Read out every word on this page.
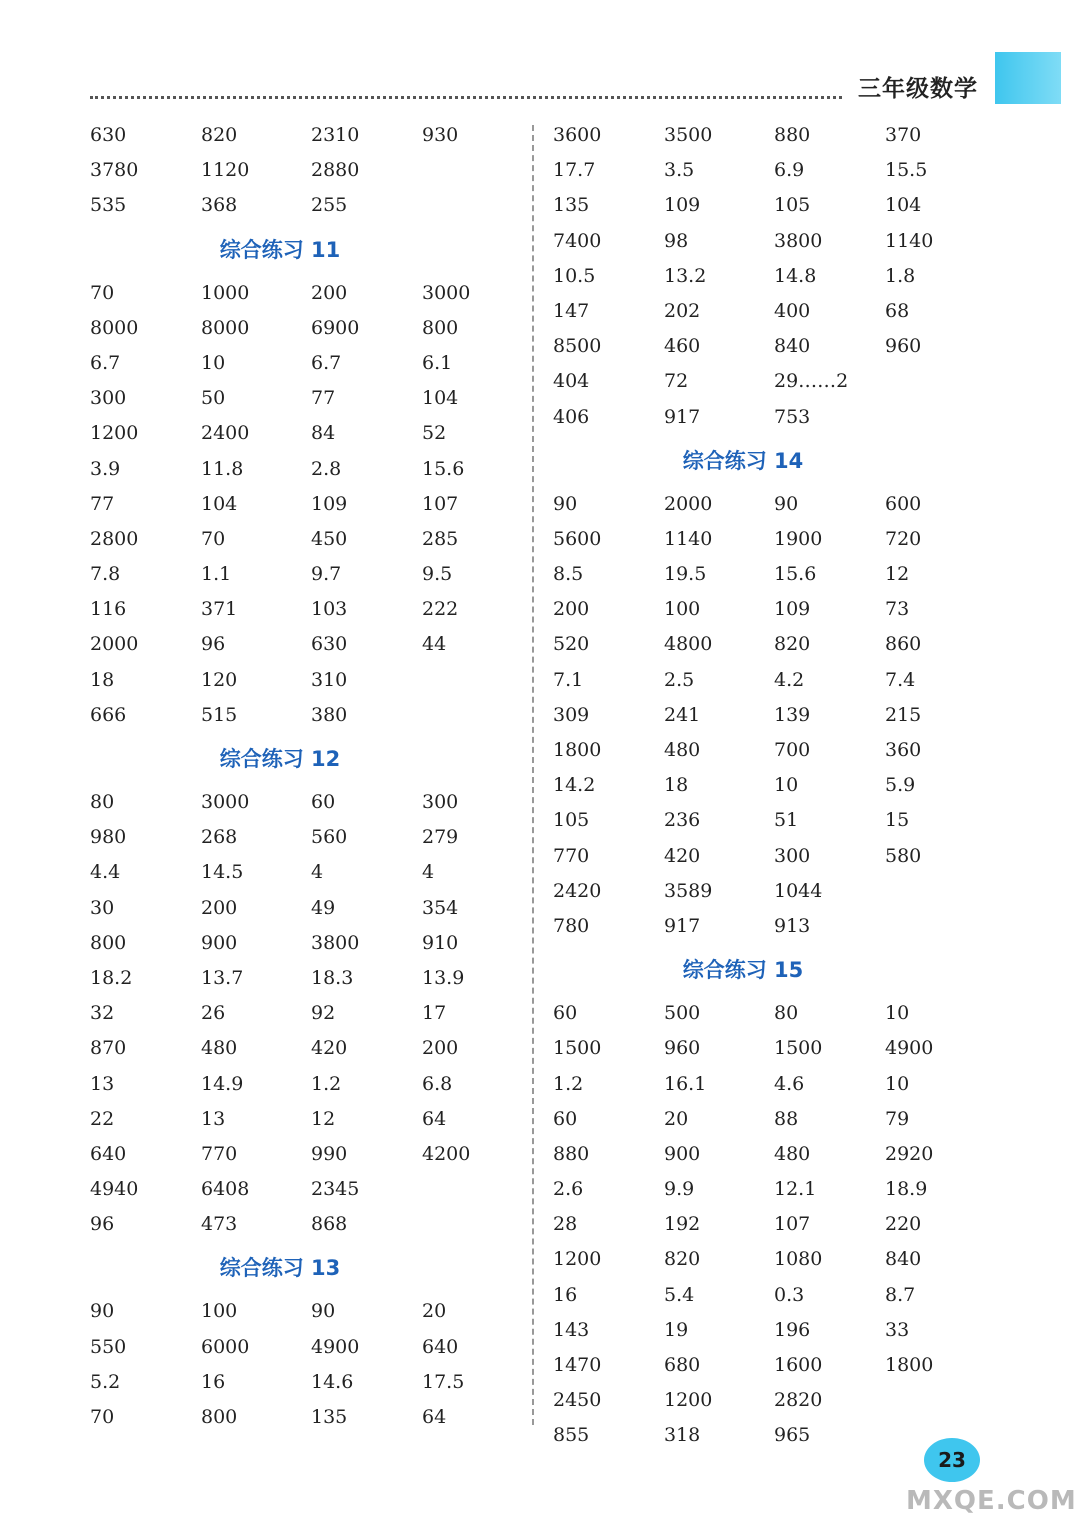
三年级数学
630	820	2310	930
3780	1120	2880
535	368	255
综合练习 11
70	1000	200	3000
8000	8000	6900	800
6.7	10	6.7	6.1
300	50	77	104
1200	2400	84	52
3.9	11.8	2.8	15.6
77	104	109	107
2800	70	450	285
7.8	1.1	9.7	9.5
116	371	103	222
2000	96	630	44
18	120	310
666	515	380
综合练习 12
80	3000	60	300
980	268	560	279
4.4	14.5	4	4
30	200	49	354
800	900	3800	910
18.2	13.7	18.3	13.9
32	26	92	17
870	480	420	200
13	14.9	1.2	6.8
22	13	12	64
640	770	990	4200
4940	6408	2345
96	473	868
综合练习 13
90	100	90	20
550	6000	4900	640
5.2	16	14.6	17.5
70	800	135	64
3600	3500	880	370
17.7	3.5	6.9	15.5
135	109	105	104
7400	98	3800	1140
10.5	13.2	14.8	1.8
147	202	400	68
8500	460	840	960
404	72	29……2
406	917	753
综合练习 14
90	2000	90	600
5600	1140	1900	720
8.5	19.5	15.6	12
200	100	109	73
520	4800	820	860
7.1	2.5	4.2	7.4
309	241	139	215
1800	480	700	360
14.2	18	10	5.9
105	236	51	15
770	420	300	580
2420	3589	1044
780	917	913
综合练习 15
60	500	80	10
1500	960	1500	4900
1.2	16.1	4.6	10
60	20	88	79
880	900	480	2920
2.6	9.9	12.1	18.9
28	192	107	220
1200	820	1080	840
16	5.4	0.3	8.7
143	19	196	33
1470	680	1600	1800
2450	1200	2820
855	318	965
23
MXQE.COM
